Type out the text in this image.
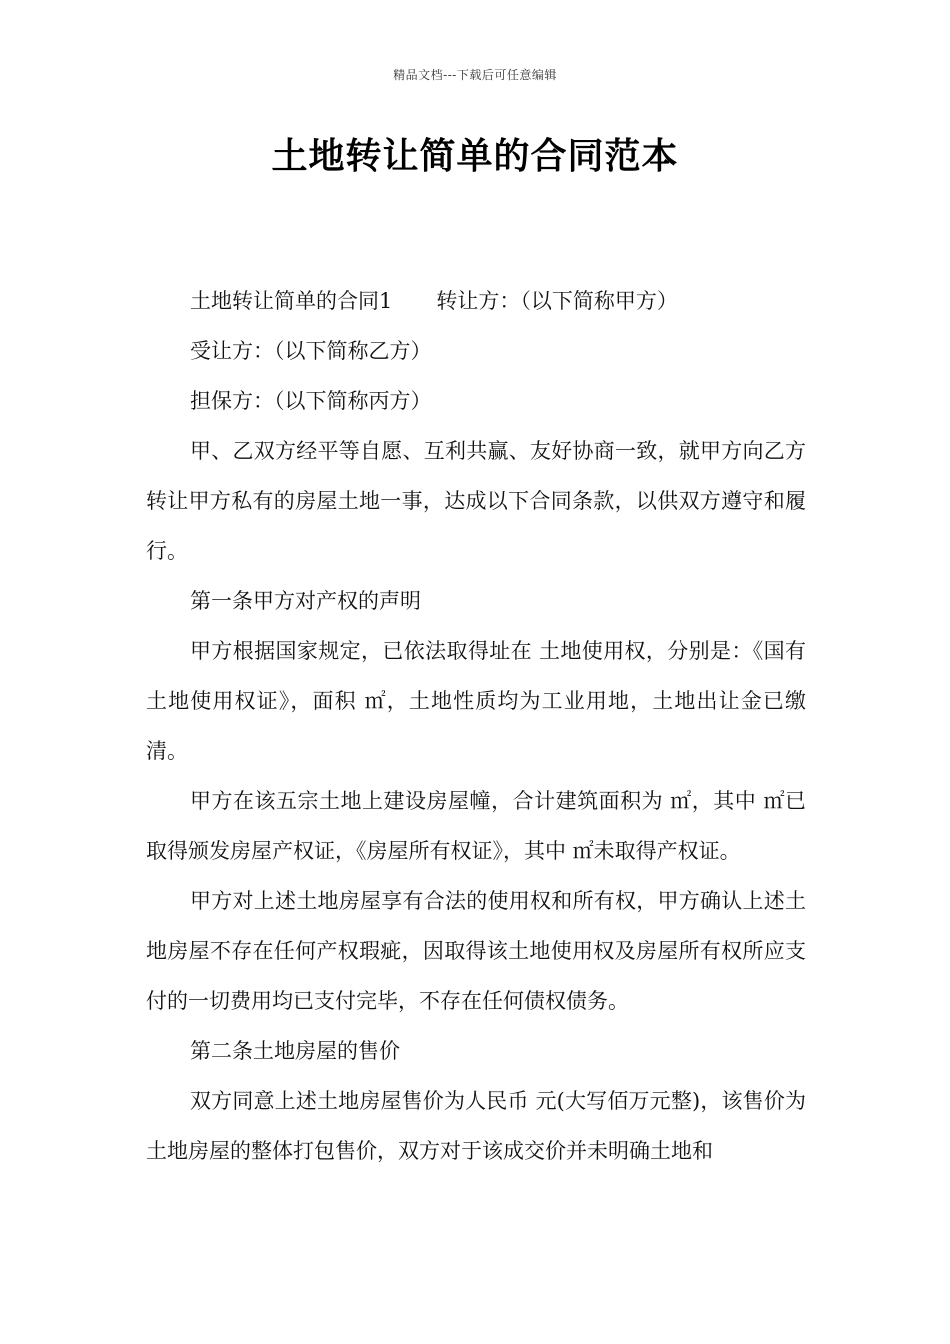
精品文档---下载后可任意编辑
土地转让简单的合同范本

土地转让简单的合同1 转让方：（以下简称甲方）

受让方：（以下简称乙方）

担保方：（以下简称丙方）

甲、乙双方经平等自愿、互利共赢、友好协商一致，就甲方向乙方转让甲方私有的房屋土地一事，达成以下合同条款，以供双方遵守和履行。

第一条甲方对产权的声明

甲方根据国家规定，已依法取得址在 土地使用权，分别是：《国有土地使用权证》，面积 ㎡，土地性质均为工业用地，土地出让金已缴清。

甲方在该五宗土地上建设房屋幢，合计建筑面积为 ㎡，其中 ㎡已取得颁发房屋产权证，《房屋所有权证》，其中 ㎡未取得产权证。

甲方对上述土地房屋享有合法的使用权和所有权，甲方确认上述土地房屋不存在任何产权瑕疵，因取得该土地使用权及房屋所有权所应支付的一切费用均已支付完毕，不存在任何债权债务。

第二条土地房屋的售价

双方同意上述土地房屋售价为人民币 元(大写佰万元整)，该售价为土地房屋的整体打包售价，双方对于该成交价并未明确土地和
